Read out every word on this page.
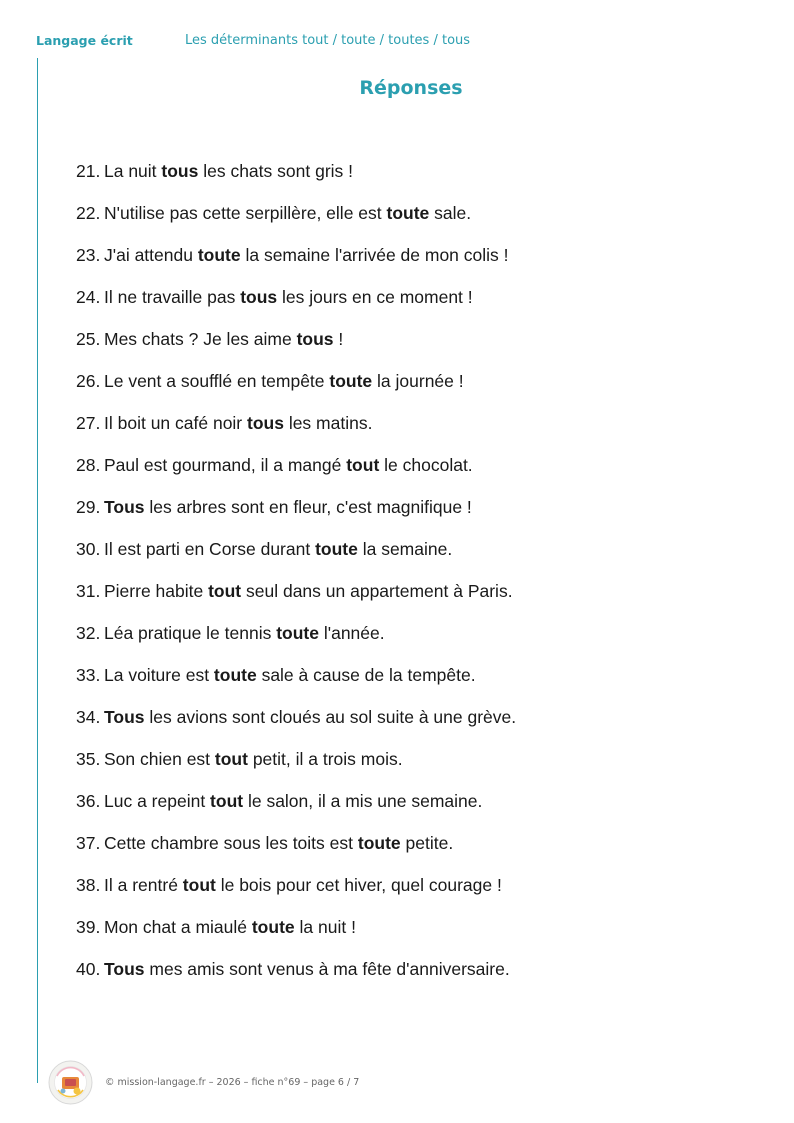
Langage écrit	Les déterminants tout / toute / toutes / tous
Réponses
21. La nuit tous les chats sont gris !
22. N'utilise pas cette serpillère, elle est toute sale.
23. J'ai attendu toute la semaine l'arrivée de mon colis !
24. Il ne travaille pas tous les jours en ce moment !
25. Mes chats ? Je les aime tous !
26. Le vent a soufflé en tempête toute la journée !
27. Il boit un café noir tous les matins.
28. Paul est gourmand, il a mangé tout le chocolat.
29. Tous les arbres sont en fleur, c'est magnifique !
30. Il est parti en Corse durant toute la semaine.
31. Pierre habite tout seul dans un appartement à Paris.
32. Léa pratique le tennis toute l'année.
33. La voiture est toute sale à cause de la tempête.
34. Tous les avions sont cloués au sol suite à une grève.
35. Son chien est tout petit, il a trois mois.
36. Luc a repeint tout le salon, il a mis une semaine.
37. Cette chambre sous les toits est toute petite.
38. Il a rentré tout le bois pour cet hiver, quel courage !
39. Mon chat a miaulé toute la nuit !
40. Tous mes amis sont venus à ma fête d'anniversaire.
© mission-langage.fr – 2026 – fiche n°69 – page 6 / 7
